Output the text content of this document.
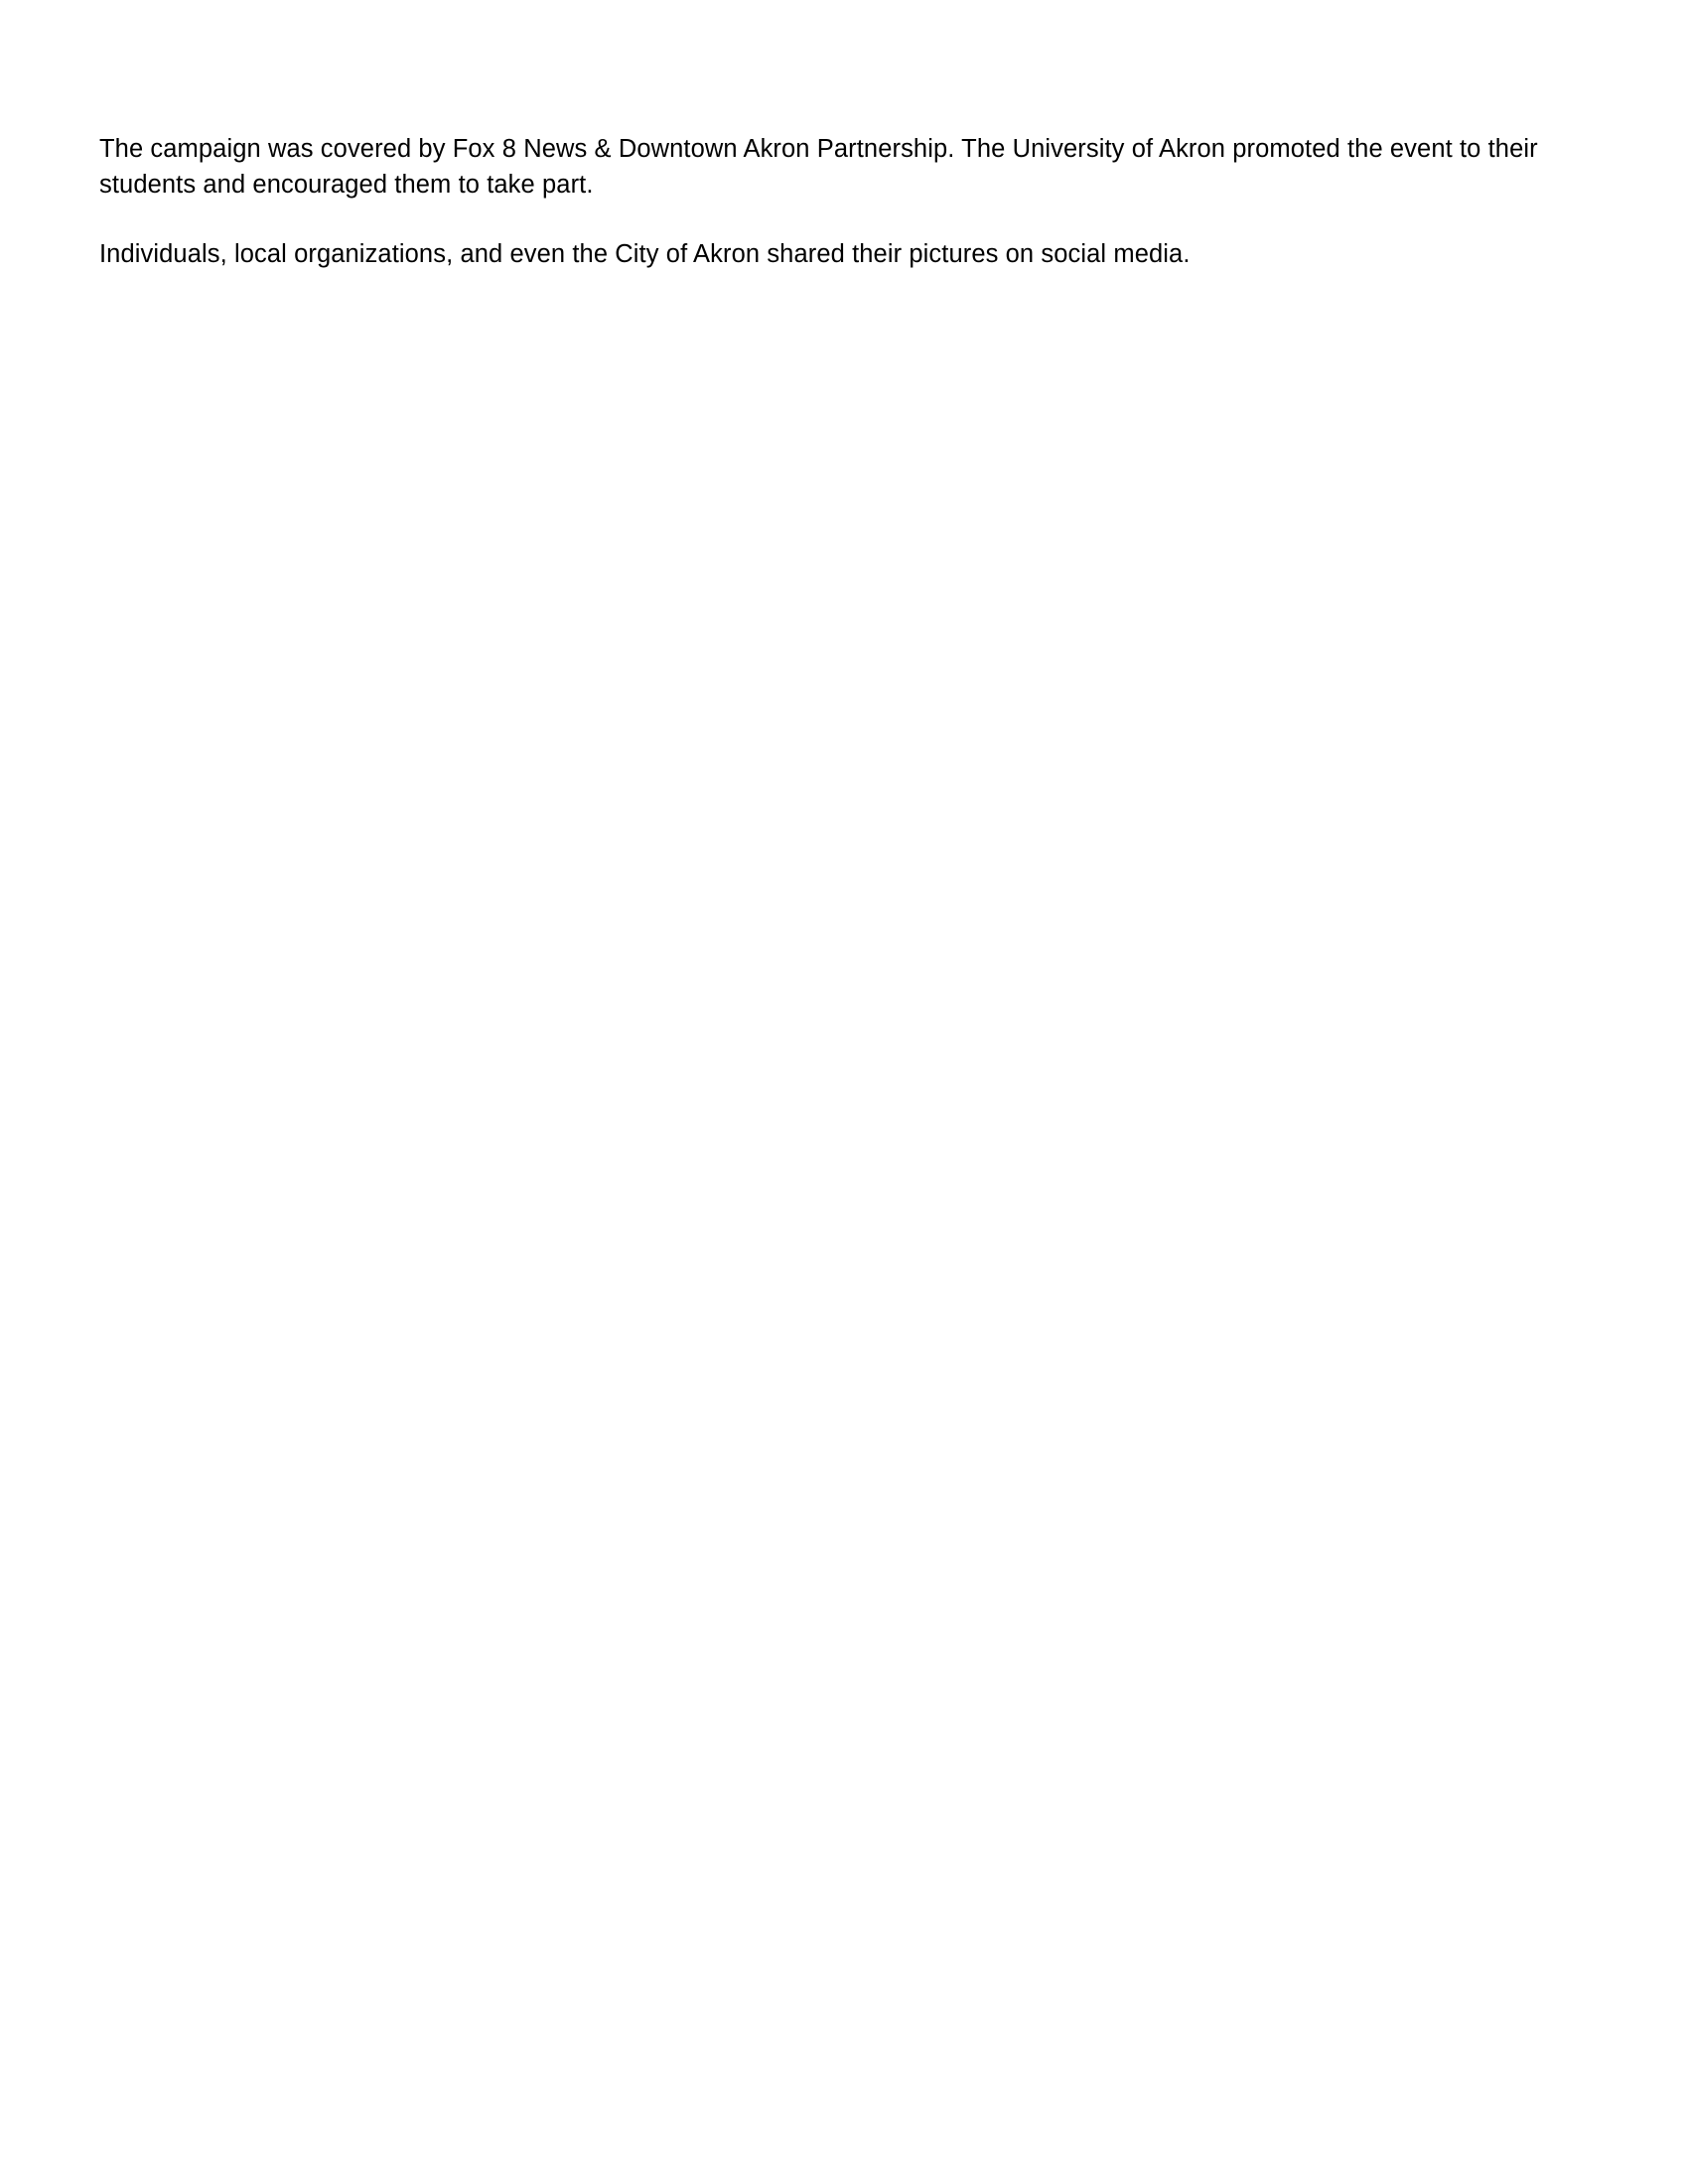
The campaign was covered by Fox 8 News & Downtown Akron Partnership. The University of Akron promoted the event to their students and encouraged them to take part.

Individuals, local organizations, and even the City of Akron shared their pictures on social media.
